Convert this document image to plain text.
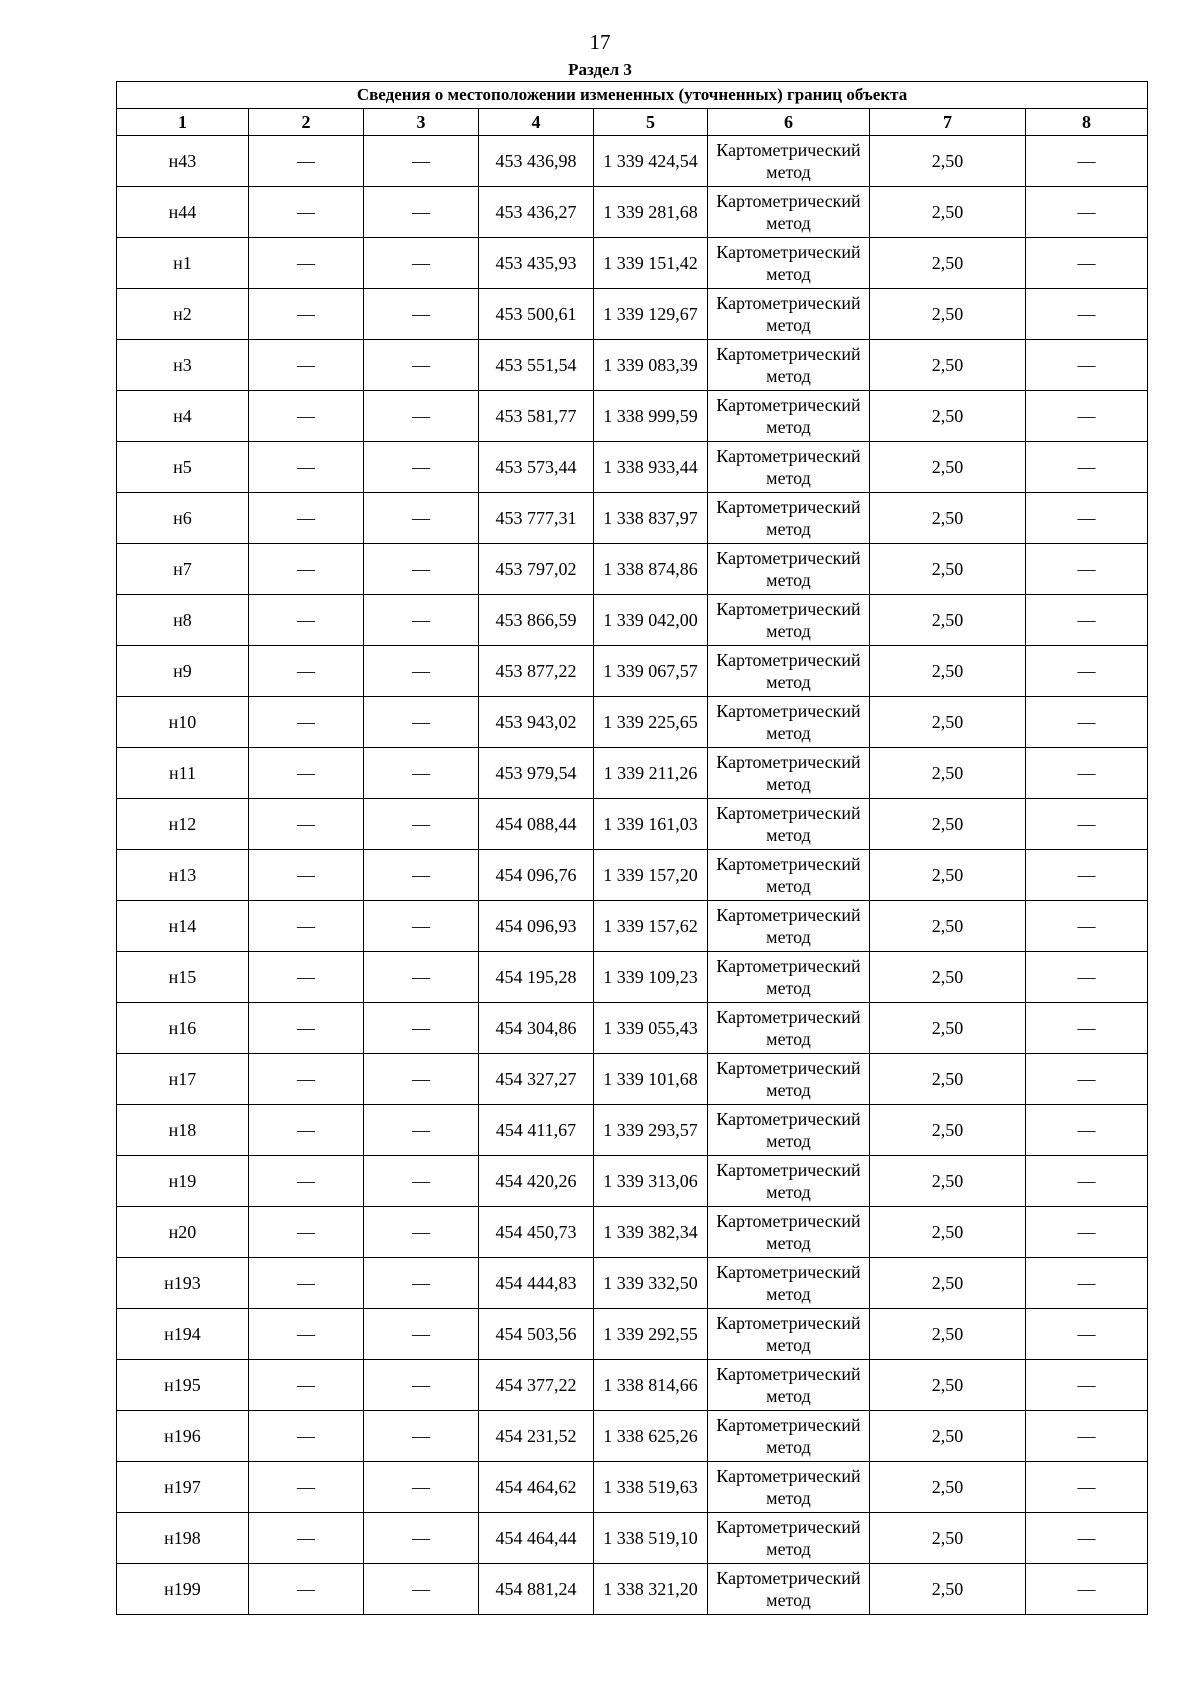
17
Раздел 3
Сведения о местоположении измененных (уточненных) границ объекта							
1	2	3	4	5	6	7	8
н43	—	—	453 436,98	1 339 424,54	Картометрический метод	2,50	—
н44	—	—	453 436,27	1 339 281,68	Картометрический метод	2,50	—
н1	—	—	453 435,93	1 339 151,42	Картометрический метод	2,50	—
н2	—	—	453 500,61	1 339 129,67	Картометрический метод	2,50	—
н3	—	—	453 551,54	1 339 083,39	Картометрический метод	2,50	—
н4	—	—	453 581,77	1 338 999,59	Картометрический метод	2,50	—
н5	—	—	453 573,44	1 338 933,44	Картометрический метод	2,50	—
н6	—	—	453 777,31	1 338 837,97	Картометрический метод	2,50	—
н7	—	—	453 797,02	1 338 874,86	Картометрический метод	2,50	—
н8	—	—	453 866,59	1 339 042,00	Картометрический метод	2,50	—
н9	—	—	453 877,22	1 339 067,57	Картометрический метод	2,50	—
н10	—	—	453 943,02	1 339 225,65	Картометрический метод	2,50	—
н11	—	—	453 979,54	1 339 211,26	Картометрический метод	2,50	—
н12	—	—	454 088,44	1 339 161,03	Картометрический метод	2,50	—
н13	—	—	454 096,76	1 339 157,20	Картометрический метод	2,50	—
н14	—	—	454 096,93	1 339 157,62	Картометрический метод	2,50	—
н15	—	—	454 195,28	1 339 109,23	Картометрический метод	2,50	—
н16	—	—	454 304,86	1 339 055,43	Картометрический метод	2,50	—
н17	—	—	454 327,27	1 339 101,68	Картометрический метод	2,50	—
н18	—	—	454 411,67	1 339 293,57	Картометрический метод	2,50	—
н19	—	—	454 420,26	1 339 313,06	Картометрический метод	2,50	—
н20	—	—	454 450,73	1 339 382,34	Картометрический метод	2,50	—
н193	—	—	454 444,83	1 339 332,50	Картометрический метод	2,50	—
н194	—	—	454 503,56	1 339 292,55	Картометрический метод	2,50	—
н195	—	—	454 377,22	1 338 814,66	Картометрический метод	2,50	—
н196	—	—	454 231,52	1 338 625,26	Картометрический метод	2,50	—
н197	—	—	454 464,62	1 338 519,63	Картометрический метод	2,50	—
н198	—	—	454 464,44	1 338 519,10	Картометрический метод	2,50	—
н199	—	—	454 881,24	1 338 321,20	Картометрический метод	2,50	—
